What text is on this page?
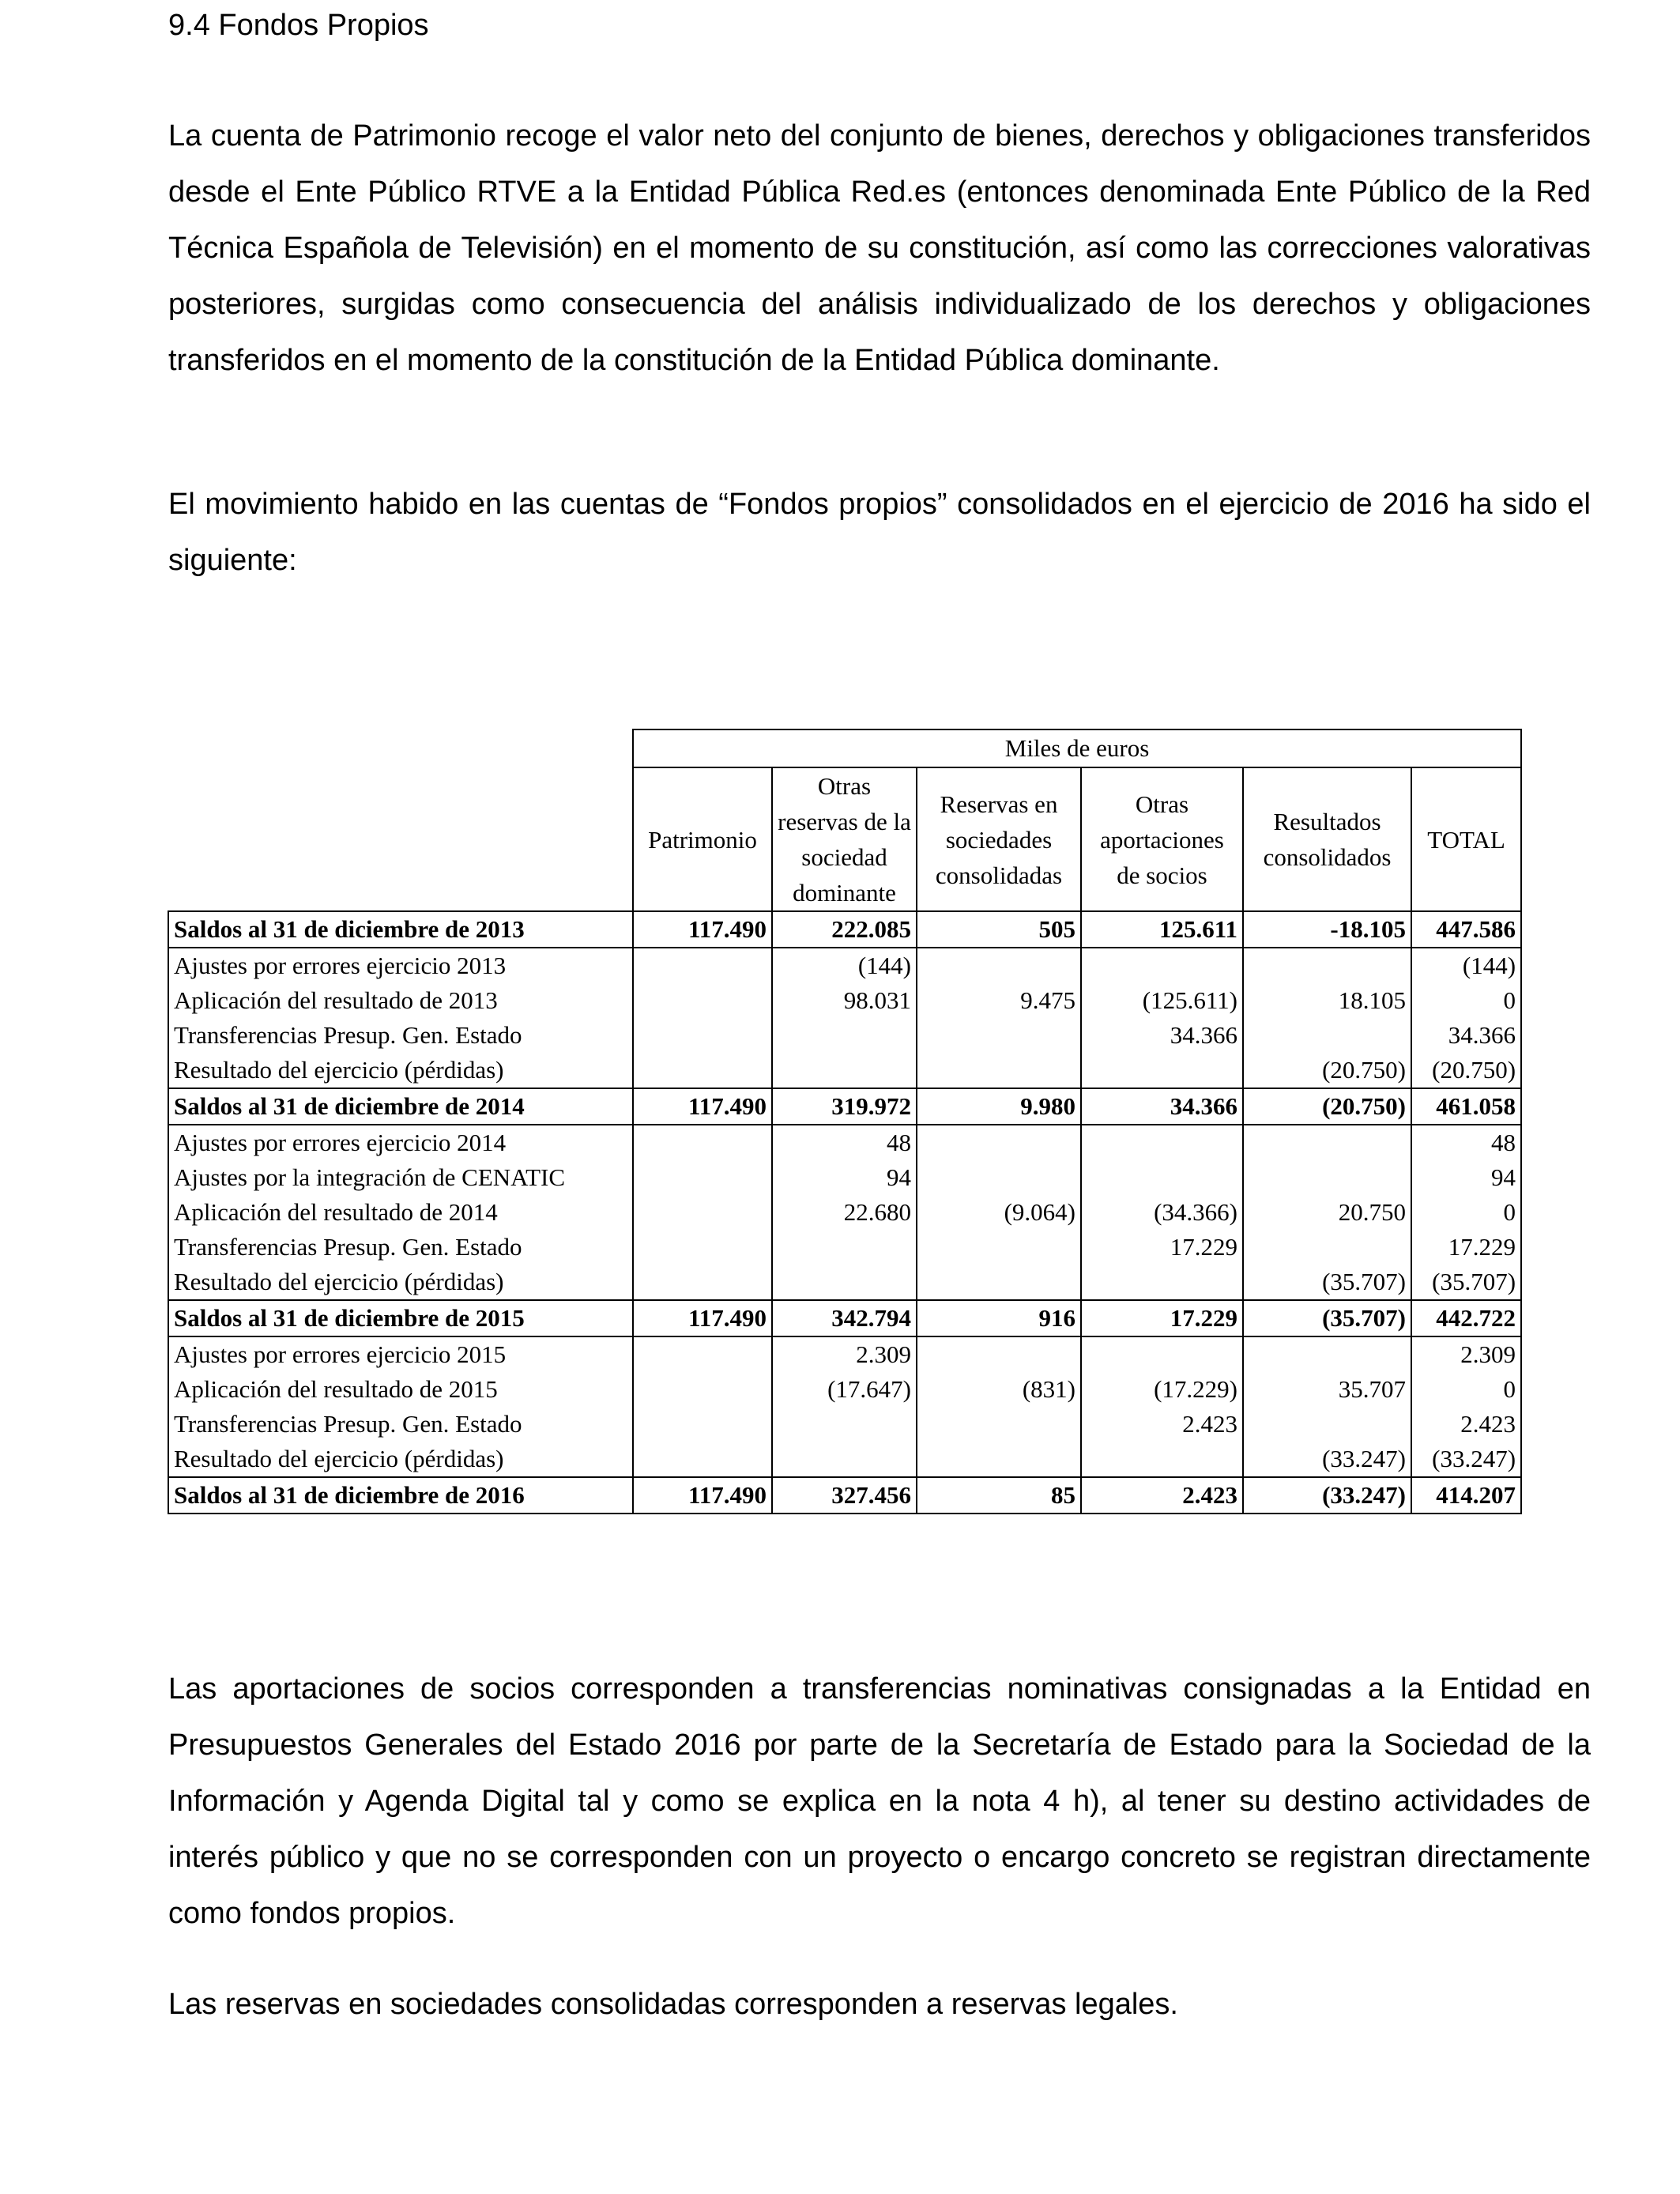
9.4 Fondos Propios
La cuenta de Patrimonio recoge el valor neto del conjunto de bienes, derechos y obligaciones transferidos desde el Ente Público RTVE a la Entidad Pública Red.es (entonces denominada Ente Público de la Red Técnica Española de Televisión) en el momento de su constitución, así como las correcciones valorativas posteriores, surgidas como consecuencia del análisis individualizado de los derechos y obligaciones transferidos en el momento de la constitución de la Entidad Pública dominante.
El movimiento habido en las cuentas de “Fondos propios” consolidados en el ejercicio de 2016 ha sido el siguiente:
	Miles de euros					
	Patrimonio	Otras reservas de la sociedad dominante	Reservas en sociedades consolidadas	Otras aportaciones de socios	Resultados consolidados	TOTAL
Saldos al 31 de diciembre de 2013	117.490	222.085	505	125.611	-18.105	447.586
Ajustes por errores ejercicio 2013		(144)				(144)
Aplicación del resultado de 2013		98.031	9.475	(125.611)	18.105	0
Transferencias Presup. Gen. Estado				34.366		34.366
Resultado del ejercicio (pérdidas)					(20.750)	(20.750)
Saldos al 31 de diciembre de 2014	117.490	319.972	9.980	34.366	(20.750)	461.058
Ajustes por errores ejercicio 2014		48				48
Ajustes por la integración de CENATIC		94				94
Aplicación del resultado de 2014		22.680	(9.064)	(34.366)	20.750	0
Transferencias Presup. Gen. Estado				17.229		17.229
Resultado del ejercicio (pérdidas)					(35.707)	(35.707)
Saldos al 31 de diciembre de 2015	117.490	342.794	916	17.229	(35.707)	442.722
Ajustes por errores ejercicio 2015		2.309				2.309
Aplicación del resultado de 2015		(17.647)	(831)	(17.229)	35.707	0
Transferencias Presup. Gen. Estado				2.423		2.423
Resultado del ejercicio (pérdidas)					(33.247)	(33.247)
Saldos al 31 de diciembre de 2016	117.490	327.456	85	2.423	(33.247)	414.207
Las aportaciones de socios corresponden a transferencias nominativas consignadas a la Entidad en Presupuestos Generales del Estado 2016 por parte de la Secretaría de Estado para la Sociedad de la Información y Agenda Digital tal y como se explica en la nota 4 h), al tener su destino actividades de interés público y que no se corresponden con un proyecto o encargo concreto se registran directamente como fondos propios.
Las reservas en sociedades consolidadas corresponden a reservas legales.
